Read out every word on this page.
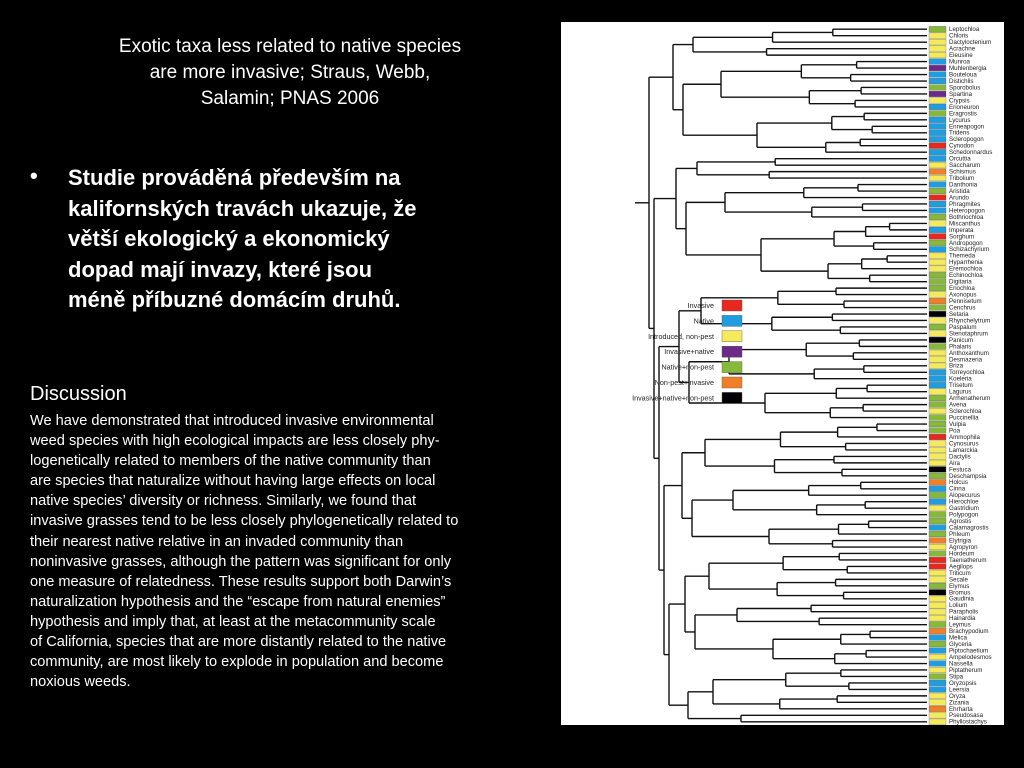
Exotic taxa less related to native species
are more invasive; Straus, Webb,
Salamin; PNAS 2006
• Studie prováděná především na
kalifornských travách ukazuje, že
větší ekologický a ekonomický
dopad mají invazy, které jsou
méně příbuzné domácím druhů.
Discussion
We have demonstrated that introduced invasive environmental
weed species with high ecological impacts are less closely phy-
logenetically related to members of the native community than
are species that naturalize without having large effects on local
native species’ diversity or richness. Similarly, we found that
invasive grasses tend to be less closely phylogenetically related to
their nearest native relative in an invaded community than
noninvasive grasses, although the pattern was significant for only
one measure of relatedness. These results support both Darwin’s
naturalization hypothesis and the “escape from natural enemies”
hypothesis and imply that, at least at the metacommunity scale
of California, species that are more distantly related to the native
community, are most likely to explode in population and become
noxious weeds.
Leptochloa
Chloris
Dactyloctenium
Acrachne
Eleusine
Munroa
Muhlenbergia
Bouteloua
Distichlis
Sporobolus
Spartina
Crypsis
Erioneuron
Eragrostis
Lycurus
Enneapogon
Tridens
Scleropogon
Cynodon
Schedonnardus
Orcuttia
Saccharum
Schismus
Tribolium
Danthonia
Aristida
Arundo
Phragmites
Heteropogon
Bothriochloa
Miscanthus
Imperata
Sorghum
Andropogon
Schizachyrium
Themeda
Hyparrhenia
Eremochloa
Echinochloa
Digitaria
Eriochloa
Axonopus
Pennisetum
Cenchrus
Setaria
Rhynchelytrum
Paspalum
Stenotaphrum
Panicum
Phalaris
Anthoxanthum
Desmazeria
Briza
Torreyochloa
Koeleria
Trisetum
Lagurus
Arrhenatherum
Avena
Sclerochloa
Puccinellia
Vulpia
Poa
Ammophila
Cynosurus
Lamarckia
Dactylis
Aira
Festuca
Deschampsia
Holcus
Cinna
Alopecurus
Hierochloe
Gastridium
Polypogon
Agrostis
Calamagrostis
Phleum
Elytrigia
Agropyron
Hordeum
Taeniatherum
Aegilops
Triticum
Secale
Elymus
Bromus
Gaudinia
Lolium
Parapholis
Hainardia
Leymus
Brachypodium
Melica
Glyceria
Piptochaetium
Ampelodesmos
Nassella
Piptatherum
Stipa
Oryzopsis
Leersia
Oryza
Zizania
Ehrharta
Pseudosasa
Phyllostachys
Invasive
Native
Introduced, non-pest
Invasive+native
Native+non-pest
Non-pest+invasive
Invasive+native+non-pest
